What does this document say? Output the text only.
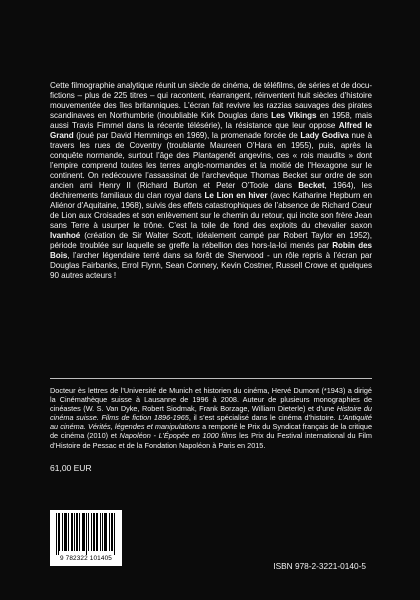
Cette filmographie analytique réunit un siècle de cinéma, de téléfilms, de séries et de docu-fictions – plus de 225 titres – qui racontent, réarrangent, réinventent huit siècles d’histoire mouvementée des îles britanniques. L’écran fait revivre les razzias sauvages des pirates scandinaves en Northumbrie (inoubliable Kirk Douglas dans Les Vikings en 1958, mais aussi Travis Fimmel dans la récente télésérie), la résistance que leur oppose Alfred le Grand (joué par David Hemmings en 1969), la promenade forcée de Lady Godiva nue à travers les rues de Coventry (troublante Maureen O’Hara en 1955), puis, après la conquête normande, surtout l’âge des Plantagenêt angevins, ces « rois maudits » dont l’empire comprend toutes les terres anglo-normandes et la moitié de l’Hexagone sur le continent. On redécouvre l’assassinat de l’archevêque Thomas Becket sur ordre de son ancien ami Henry II (Richard Burton et Peter O’Toole dans Becket, 1964), les déchirements familiaux du clan royal dans Le Lion en hiver (avec Katharine Hepburn en Aliénor d’Aquitaine, 1968), suivis des effets catastrophiques de l’absence de Richard Cœur de Lion aux Croisades et son enlèvement sur le chemin du retour, qui incite son frère Jean sans Terre à usurper le trône. C’est la toile de fond des exploits du chevalier saxon Ivanhoé (création de Sir Walter Scott, idéalement campé par Robert Taylor en 1952), période troublée sur laquelle se greffe la rébellion des hors-la-loi menés par Robin des Bois, l’archer légendaire terré dans sa forêt de Sherwood - un rôle repris à l’écran par Douglas Fairbanks, Errol Flynn, Sean Connery, Kevin Costner, Russell Crowe et quelques 90 autres acteurs !

Docteur ès lettres de l’Université de Munich et historien du cinéma, Hervé Dumont (*1943) a dirigé la Cinémathèque suisse à Lausanne de 1996 à 2008. Auteur de plusieurs monographies de cinéastes (W. S. Van Dyke, Robert Siodmak, Frank Borzage, William Dieterle) et d’une Histoire du cinéma suisse. Films de fiction 1896-1965, il s’est spécialisé dans le cinéma d’histoire. L’Antiquité au cinéma. Vérités, légendes et manipulations a remporté le Prix du Syndicat français de la critique de cinéma (2010) et Napoléon - L’Épopée en 1000 films les Prix du Festival international du Film d’Histoire de Pessac et de la Fondation Napoléon à Paris en 2015.

61,00 EUR
9 782322 101405
ISBN 978-2-3221-0140-5
